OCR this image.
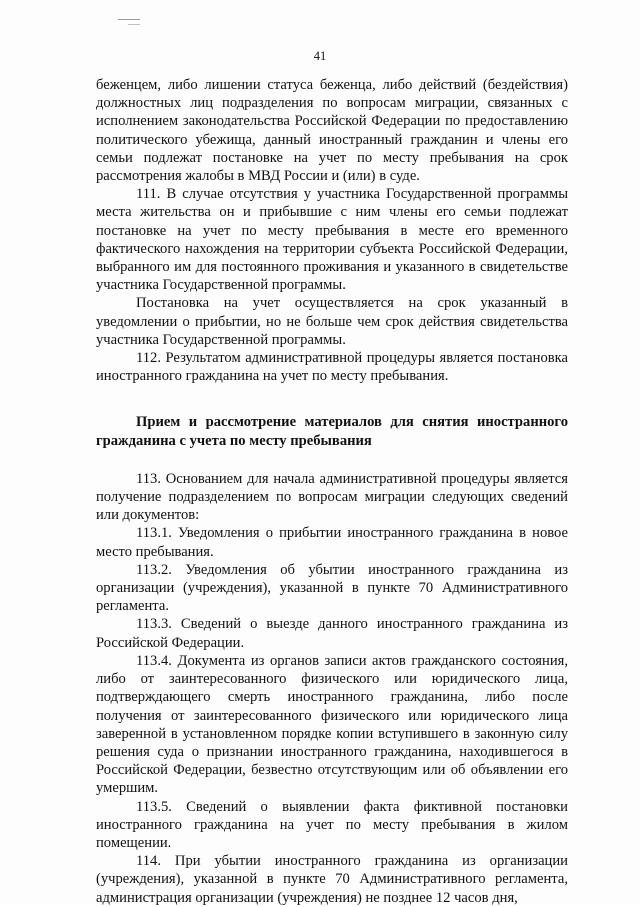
41

беженцем, либо лишении статуса беженца, либо действий (бездействия) должностных лиц подразделения по вопросам миграции, связанных с исполнением законодательства Российской Федерации по предоставлению политического убежища, данный иностранный гражданин и члены его семьи подлежат постановке на учет по месту пребывания на срок рассмотрения жалобы в МВД России и (или) в суде.

111. В случае отсутствия у участника Государственной программы места жительства он и прибывшие с ним члены его семьи подлежат постановке на учет по месту пребывания в месте его временного фактического нахождения на территории субъекта Российской Федерации, выбранного им для постоянного проживания и указанного в свидетельстве участника Государственной программы.

Постановка на учет осуществляется на срок указанный в уведомлении о прибытии, но не больше чем срок действия свидетельства участника Государственной программы.

112. Результатом административной процедуры является постановка иностранного гражданина на учет по месту пребывания.

Прием и рассмотрение материалов для снятия иностранного гражданина с учета по месту пребывания

113. Основанием для начала административной процедуры является получение подразделением по вопросам миграции следующих сведений или документов:

113.1. Уведомления о прибытии иностранного гражданина в новое место пребывания.

113.2. Уведомления об убытии иностранного гражданина из организации (учреждения), указанной в пункте 70 Административного регламента.

113.3. Сведений о выезде данного иностранного гражданина из Российской Федерации.

113.4. Документа из органов записи актов гражданского состояния, либо от заинтересованного физического или юридического лица, подтверждающего смерть иностранного гражданина, либо после получения от заинтересованного физического или юридического лица заверенной в установленном порядке копии вступившего в законную силу решения суда о признании иностранного гражданина, находившегося в Российской Федерации, безвестно отсутствующим или об объявлении его умершим.

113.5. Сведений о выявлении факта фиктивной постановки иностранного гражданина на учет по месту пребывания в жилом помещении.

114. При убытии иностранного гражданина из организации (учреждения), указанной в пункте 70 Административного регламента, администрация организации (учреждения) не позднее 12 часов дня,
